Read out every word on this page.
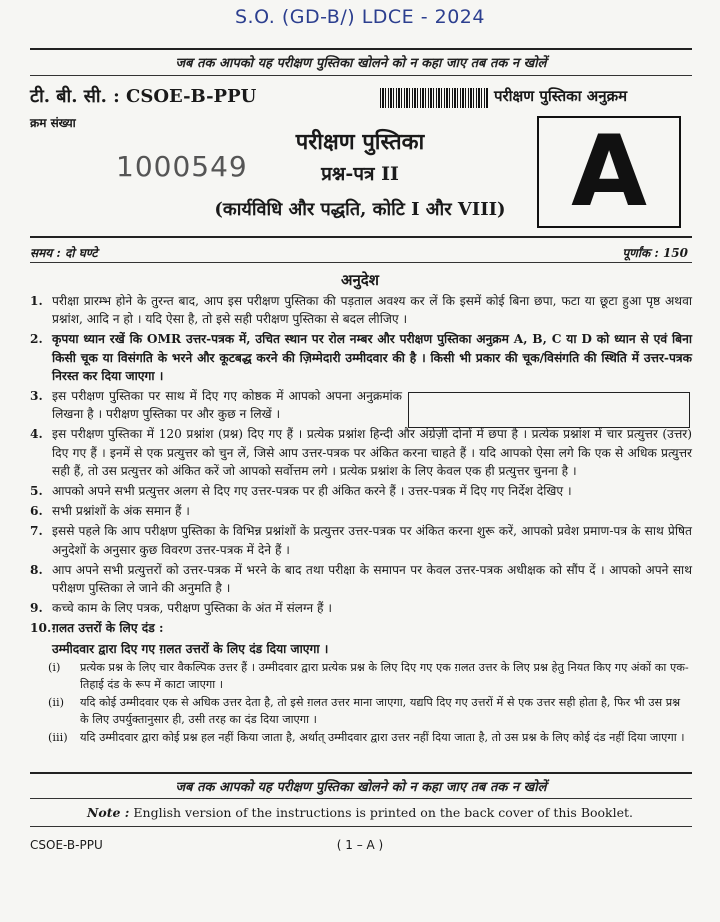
S.O. (GD-B/) LDCE - 2024
जब तक आपको यह परीक्षण पुस्तिका खोलने को न कहा जाए तब तक न खोलें
टी. बी. सी. : CSOE-B-PPU	परीक्षण पुस्तिका अनुक्रम
क्रम संख्या
1000549
परीक्षण पुस्तिका
प्रश्न-पत्र II
(कार्यविधि और पद्धति, कोटि I और VIII) A
समय : दो घण्टे	पूर्णांक : 150
अनुदेश
1. परीक्षा प्रारम्भ होने के तुरन्त बाद, आप इस परीक्षण पुस्तिका की पड़ताल अवश्य कर लें कि इसमें कोई बिना छपा, फटा या छूटा हुआ पृष्ठ अथवा प्रश्नांश, आदि न हो । यदि ऐसा है, तो इसे सही परीक्षण पुस्तिका से बदल लीजिए ।
2. कृपया ध्यान रखें कि OMR उत्तर-पत्रक में, उचित स्थान पर रोल नम्बर और परीक्षण पुस्तिका अनुक्रम A, B, C या D को ध्यान से एवं बिना किसी चूक या विसंगति के भरने और कूटबद्ध करने की ज़िम्मेदारी उम्मीदवार की है । किसी भी प्रकार की चूक/विसंगति की स्थिति में उत्तर-पत्रक निरस्त कर दिया जाएगा ।
3. इस परीक्षण पुस्तिका पर साथ में दिए गए कोष्ठक में आपको अपना अनुक्रमांक लिखना है । परीक्षण पुस्तिका पर और कुछ न लिखें ।
4. इस परीक्षण पुस्तिका में 120 प्रश्नांश (प्रश्न) दिए गए हैं । प्रत्येक प्रश्नांश हिन्दी और अंग्रेज़ी दोनों में छपा है । प्रत्येक प्रश्नांश में चार प्रत्युत्तर (उत्तर) दिए गए हैं । इनमें से एक प्रत्युत्तर को चुन लें, जिसे आप उत्तर-पत्रक पर अंकित करना चाहते हैं । यदि आपको ऐसा लगे कि एक से अधिक प्रत्युत्तर सही हैं, तो उस प्रत्युत्तर को अंकित करें जो आपको सर्वोत्तम लगे । प्रत्येक प्रश्नांश के लिए केवल एक ही प्रत्युत्तर चुनना है ।
5. आपको अपने सभी प्रत्युत्तर अलग से दिए गए उत्तर-पत्रक पर ही अंकित करने हैं । उत्तर-पत्रक में दिए गए निर्देश देखिए ।
6. सभी प्रश्नांशों के अंक समान हैं ।
7. इससे पहले कि आप परीक्षण पुस्तिका के विभिन्न प्रश्नांशों के प्रत्युत्तर उत्तर-पत्रक पर अंकित करना शुरू करें, आपको प्रवेश प्रमाण-पत्र के साथ प्रेषित अनुदेशों के अनुसार कुछ विवरण उत्तर-पत्रक में देने हैं ।
8. आप अपने सभी प्रत्युत्तरों को उत्तर-पत्रक में भरने के बाद तथा परीक्षा के समापन पर केवल उत्तर-पत्रक अधीक्षक को सौंप दें । आपको अपने साथ परीक्षण पुस्तिका ले जाने की अनुमति है ।
9. कच्चे काम के लिए पत्रक, परीक्षण पुस्तिका के अंत में संलग्न हैं ।
10. ग़लत उत्तरों के लिए दंड :
उम्मीदवार द्वारा दिए गए ग़लत उत्तरों के लिए दंड दिया जाएगा ।
(i) प्रत्येक प्रश्न के लिए चार वैकल्पिक उत्तर हैं । उम्मीदवार द्वारा प्रत्येक प्रश्न के लिए दिए गए एक ग़लत उत्तर के लिए प्रश्न हेतु नियत किए गए अंकों का एक-तिहाई दंड के रूप में काटा जाएगा ।
(ii) यदि कोई उम्मीदवार एक से अधिक उत्तर देता है, तो इसे ग़लत उत्तर माना जाएगा, यद्यपि दिए गए उत्तरों में से एक उत्तर सही होता है, फिर भी उस प्रश्न के लिए उपर्युक्तानुसार ही, उसी तरह का दंड दिया जाएगा ।
(iii) यदि उम्मीदवार द्वारा कोई प्रश्न हल नहीं किया जाता है, अर्थात् उम्मीदवार द्वारा उत्तर नहीं दिया जाता है, तो उस प्रश्न के लिए कोई दंड नहीं दिया जाएगा ।
जब तक आपको यह परीक्षण पुस्तिका खोलने को न कहा जाए तब तक न खोलें
Note : English version of the instructions is printed on the back cover of this Booklet.
CSOE-B-PPU	( 1 – A )
